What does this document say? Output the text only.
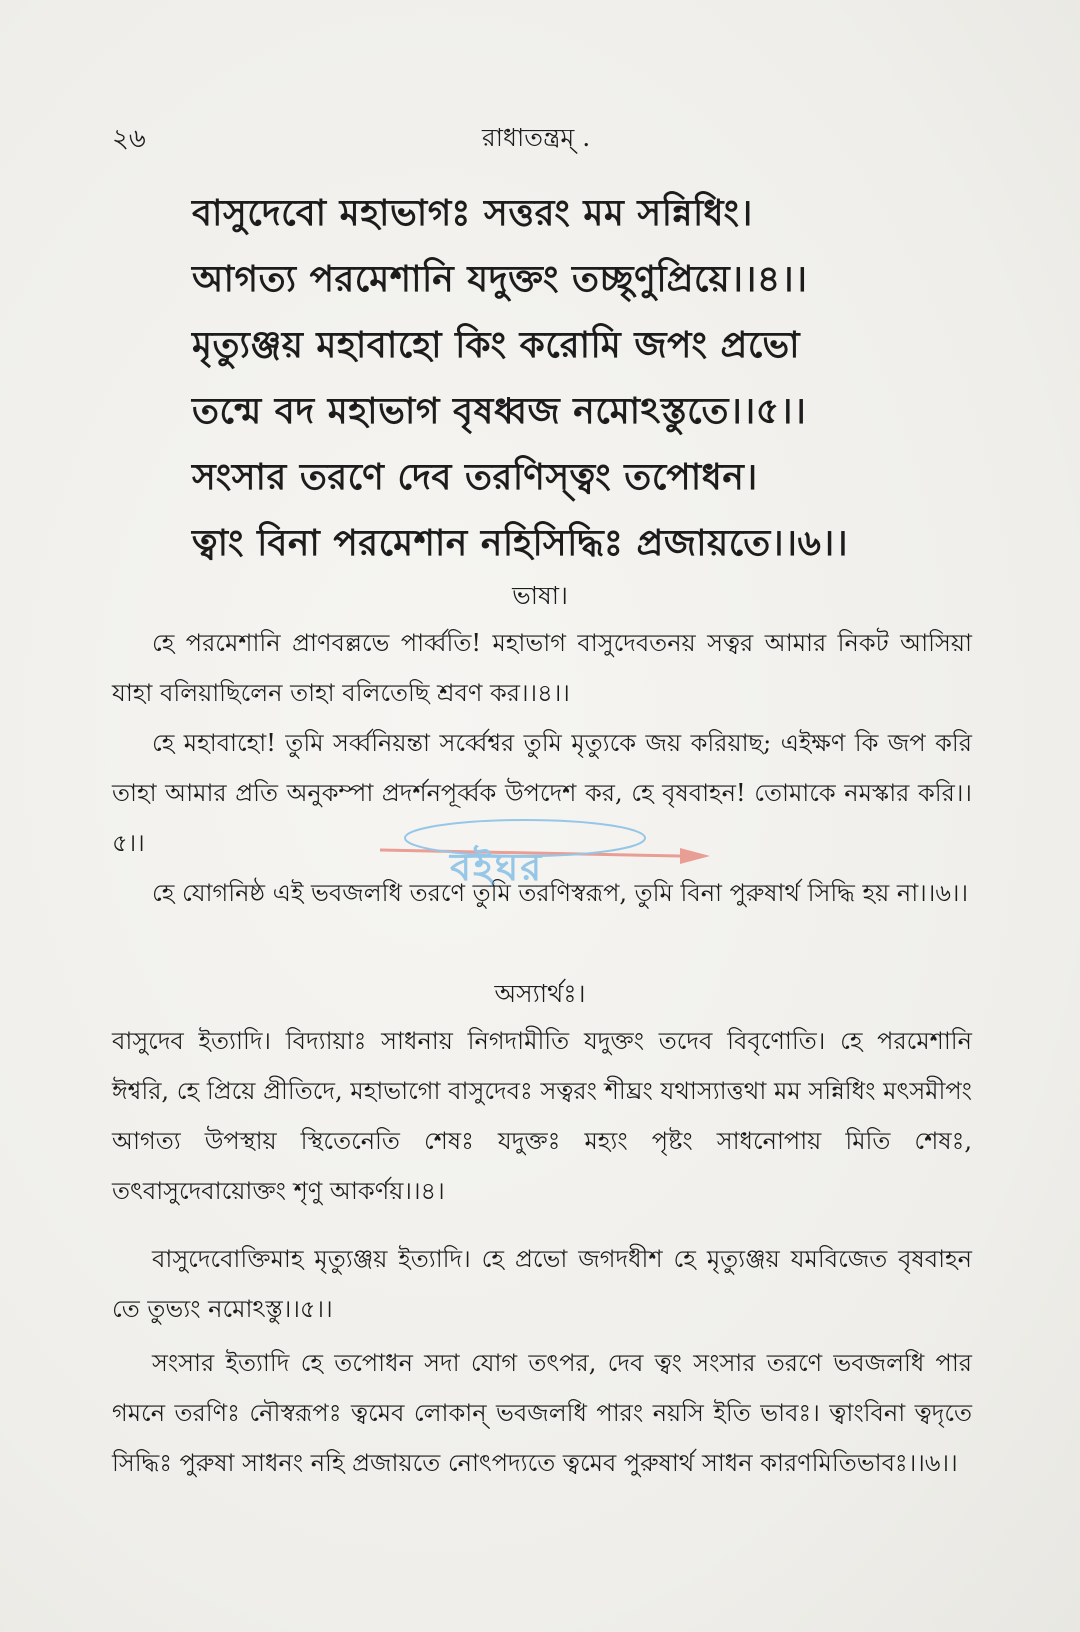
২৬	রাধাতন্ত্রম্ .
বাসুদেবো মহাভাগঃ সত্তরং মম সন্নিধিং।
আগত্য পরমেশানি যদুক্তং তচ্ছৃণুপ্রিয়ে।।৪।।
মৃত্যুঞ্জয় মহাবাহো কিং করোমি জপং প্রভো
তন্মে বদ মহাভাগ বৃষধ্বজ নমোঽস্তুতে।।৫।।
সংসার তরণে দেব তরণিস্ত্বং তপোধন।
ত্বাং বিনা পরমেশান নহিসিদ্ধিঃ প্রজায়তে।।৬।।
ভাষা।
হে পরমেশানি প্রাণবল্লভে পার্ব্বতি! মহাভাগ বাসুদেবতনয় সত্বর আমার নিকট আসিয়া যাহা বলিয়াছিলেন তাহা বলিতেছি শ্রবণ কর।।৪।।
হে মহাবাহো! তুমি সর্ব্বনিয়ন্তা সর্ব্বেশ্বর তুমি মৃত্যুকে জয় করিয়াছ; এইক্ষণ কি জপ করি তাহা আমার প্রতি অনুকম্পা প্রদর্শনপূর্ব্বক উপদেশ কর, হে বৃষবাহন! তোমাকে নমস্কার করি।।৫।।
হে যোগনিষ্ঠ এই ভবজলধি তরণে তুমি তরণিস্বরূপ, তুমি বিনা পুরুষার্থ সিদ্ধি হয় না।।৬।।
অস্যার্থঃ।
বাসুদেব ইত্যাদি। বিদ্যায়াঃ সাধনায় নিগদামীতি যদুক্তং তদেব বিবৃণোতি। হে পরমেশানি ঈশ্বরি, হে প্রিয়ে প্রীতিদে, মহাভাগো বাসুদেবঃ সত্বরং শীঘ্রং যথাস্যাত্তথা মম সন্নিধিং মৎসমীপং আগত্য উপস্থায় স্থিতেনেতি শেষঃ যদুক্তঃ মহ্যং পৃষ্টং সাধনোপায় মিতি শেষঃ, তৎবাসুদেবায়োক্তং শৃণু আকর্ণয়।।৪।
বাসুদেবোক্তিমাহ মৃত্যুঞ্জয় ইত্যাদি। হে প্রভো জগদধীশ হে মৃত্যুঞ্জয় যমবিজেত বৃষবাহন তে তুভ্যং নমোঽস্তু।।৫।।
সংসার ইত্যাদি হে তপোধন সদা যোগ তৎপর, দেব ত্বং সংসার তরণে ভবজলধি পার গমনে তরণিঃ নৌস্বরূপঃ ত্বমেব লোকান্ ভবজলধি পারং নয়সি ইতি ভাবঃ। ত্বাংবিনা ত্বদৃতে সিদ্ধিঃ পুরুষা সাধনং নহি প্রজায়তে নোৎপদ্যতে ত্বমেব পুরুষার্থ সাধন কারণমিতিভাবঃ।।৬।।
বইঘর
